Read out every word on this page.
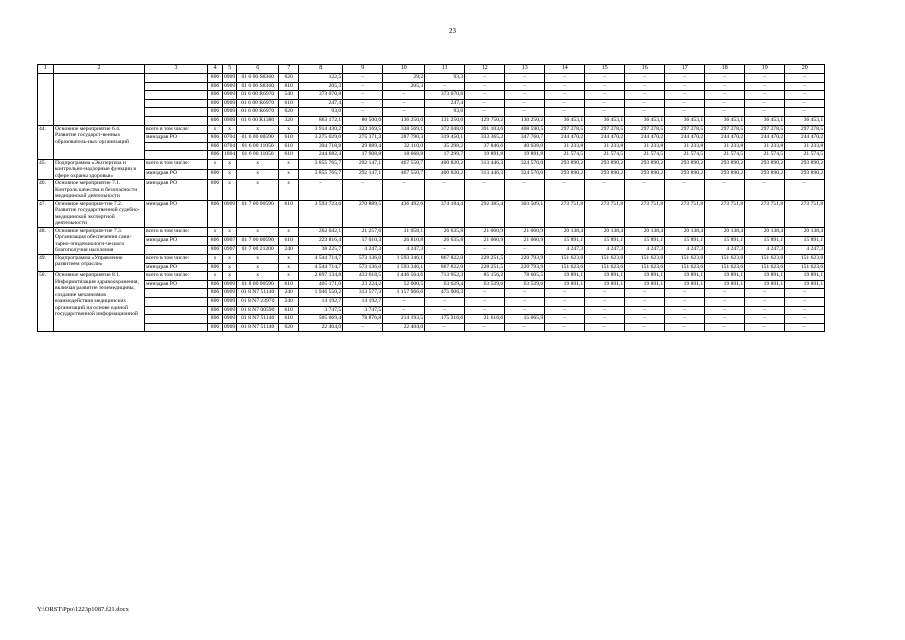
23
1	2	3	4	5	6	7	8	9	10	11	12	13	14	15	16	17	18	19	20
			806	0909	01 6 00 S8360	620	122,5	–	29,2	93,3	–	–	–	–	–	–	–	–	–
			806	0909	01 6 00 S8360	810	205,3	–	205,3	–	–	–	–	–	–	–	–	–	–
			806	0909	01 6 00 R6970	540	373 070,8	–	–	373 070,8	–	–	–	–	–	–	–	–	–
			806	0909	01 6 00 R6970	610	247,4	–	–	247,4	–	–	–	–	–	–	–	–	–
			806	0909	01 6 00 R6970	620	93,0	–	–	93,0	–	–	–	–	–	–	–	–	–
			806	0909	01 6 00 R1380	320	863 172,1	80 500,0	136 250,0	131 250,0	129 750,2	130 250,2	36 453,1	36 453,1	36 453,1	36 453,1	36 453,1	36 453,1	36 453,1
44.	Основное мероприятие 6.4. Развитие государст-венных образователь-ных организаций	всего в том числе:	х	х	х	х	3 914 430,2	323 169,5	338 569,1	372 048,0	391 103,6	408 590,5	297 278,5	297 278,5	297 278,5	297 278,5	297 278,5	297 278,5	297 278,5
		минздрав РО	806	0704	01 6 00 00590	610	3 275 029,0	275 371,3	287 790,3	319 450,1	333 365,2	347 760,7	244 470,2	244 470,2	244 470,2	244 470,2	244 470,2	244 470,2	244 470,2
			806	0704	01 6 00 11050	610	394 718,8	29 889,4	32 110,0	35 298,2	37 846,6	40 938,0	31 233,8	31 233,8	31 233,8	31 233,8	31 233,8	31 233,8	31 233,8
			806	1004	01 6 00 11050	610	244 682,4	17 908,8	18 668,8	17 299,7	19 891,8	19 891,8	21 574,5	21 574,5	21 574,5	21 574,5	21 574,5	21 574,5	21 574,5
45.	Подпрограмма «Экспертиза и контрольно-надзорные функции в сфере охраны здоровья»	всего в том числе:	х	х	х	х	3 855 765,7	292 147,1	467 550,7	400 820,2	313 446,3	324 570,0	293 890,2	293 890,2	293 890,2	293 890,2	293 890,2	293 890,2	293 890,2
		минздрав РО	806	х	х	х	3 855 765,7	292 147,1	467 550,7	400 820,2	313 446,3	324 570,0	293 890,2	293 890,2	293 890,2	293 890,2	293 890,2	293 890,2	293 890,2
46.	Основное мероприятие 7.1. Контроль качества и безопасности медицинской деятельности	минздрав РО	806	х	х	х	–	–	–	–	–	–	–	–	–	–	–	–	–
47.	Основное мероприя-тие 7.2. Развитие государственной судебно-медицинской экспертной деятельности	минздрав РО	806	0909	01 7 00 00590	610	3 593 723,6	270 889,5	436 492,6	374 184,4	292 385,4	303 509,1	273 751,8	273 751,8	273 751,8	273 751,8	273 751,8	273 751,8	273 751,8
48.	Основное мероприя-тие 7.3. Организация обеспечения сани-тарно-эпидемиологи-ческого благополучия населения	всего в том числе:	х	х	х	х	262 042,1	21 257,6	31 058,1	26 635,8	21 060,9	21 060,9	20 138,4	20 138,4	20 138,4	20 138,4	20 138,4	20 138,4	20 138,4
		минздрав РО	806	0907	01 7 00 00590	610	223 816,4	17 010,3	26 810,8	26 635,8	21 060,9	21 060,9	15 891,1	15 891,1	15 891,1	15 891,1	15 891,1	15 891,1	15 891,1
			806	0907	01 7 00 21200	240	38 225,7	4 247,3	4 247,3	–	–	–	4 247,3	4 247,3	4 247,3	4 247,3	4 247,3	4 247,3	4 247,3
49.	Подпрограмма «Управление развитием отрасли»	всего в том числе:	х	х	х	х	4 544 714,7	573 136,0	1 593 346,1	867 822,0	228 251,5	220 793,9	151 623,6	151 623,6	151 623,6	151 623,6	151 623,6	151 623,6	151 623,6
		минздрав РО	806	х	х	х	4 544 714,7	573 136,0	1 593 346,1	867 822,0	228 251,5	220 793,9	151 623,6	151 623,6	151 623,6	151 623,6	151 623,6	151 623,6	151 623,6
50.	Основное мероприятие 8.1. Информатизация здравоохранения, включая развитие телемедицины, создание механизмов взаимодействия медицинских организаций на основе единой государственной информационной	всего в том числе:	х	х	х	х	2 897 134,8	433 618,5	1 446 564,6	713 952,3	85 156,2	78 605,5	19 891,1	19 891,1	19 891,1	19 891,1	19 891,1	19 891,1	19 891,1
		минздрав РО	806	0909	01 8 00 00590	610	405 171,0	23 224,2	52 000,5	63 629,4	63 539,6	63 539,6	19 891,1	19 891,1	19 891,1	19 891,1	19 891,1	19 891,1	19 891,1
			806	0909	01 8 N7 51140	240	1 946 550,2	313 577,3	1 157 966,6	475 006,3	–	–	–	–	–	–	–	–	–
			806	0909	01 8 N7 23970	240	14 192,7	14 192,7	–	–	–	–	–	–	–	–	–	–	–
			806	0909	01 8 N7 00590	610	3 747,5	3 747,5	–	–	–	–	–	–	–	–	–	–	–
			806	0909	01 8 N7 51140	610	505 069,4	78 876,8	214 193,5	175 316,6	21 616,6	15 065,9	–	–	–	–	–	–	–
			806	0909	01 8 N7 51140	620	22 404,0	–	22 404,0	–	–	–	–	–	–	–	–	–	–
Y:\ORST\Ppo\1223p1087.f21.docx
